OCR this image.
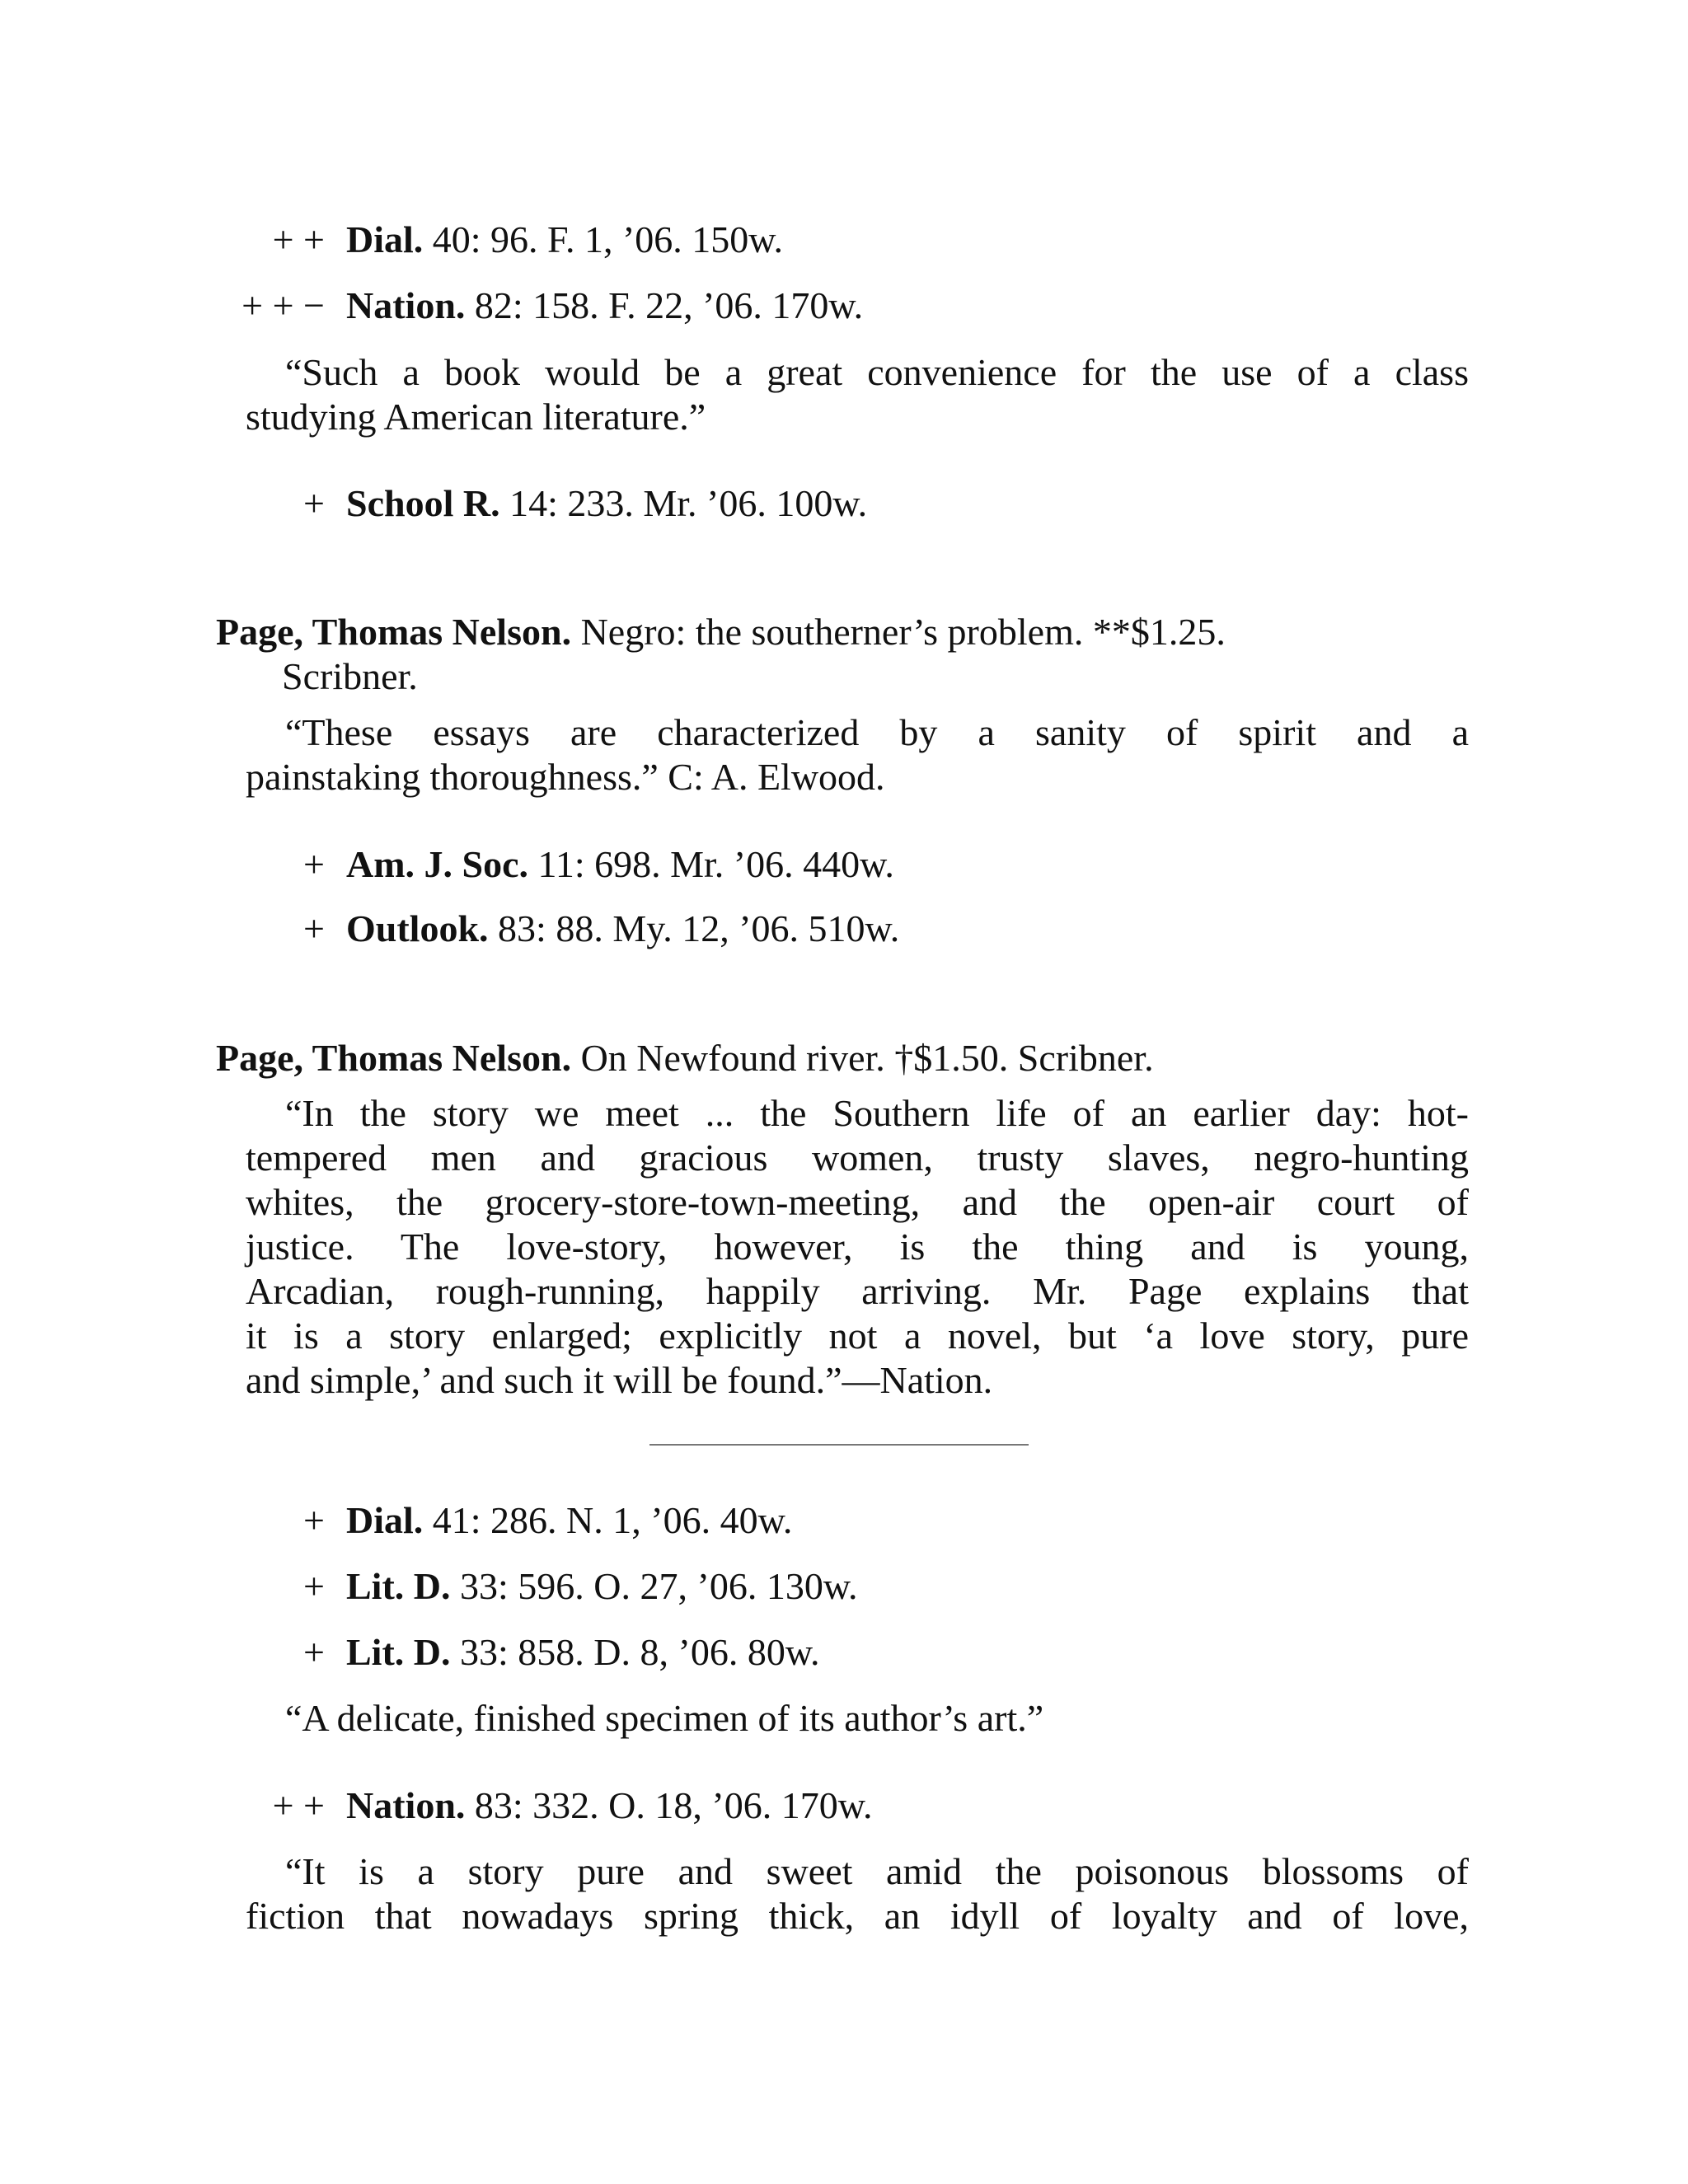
+ + Dial. 40: 96. F. 1, ’06. 150w.
+ + − Nation. 82: 158. F. 22, ’06. 170w.
“Such a book would be a great convenience for the use of a class
studying American literature.”
+ School R. 14: 233. Mr. ’06. 100w.
Page, Thomas Nelson. Negro: the southerner’s problem. **$1.25.
Scribner.
“These essays are characterized by a sanity of spirit and a
painstaking thoroughness.” C: A. Elwood.
+ Am. J. Soc. 11: 698. Mr. ’06. 440w.
+ Outlook. 83: 88. My. 12, ’06. 510w.
Page, Thomas Nelson. On Newfound river. †$1.50. Scribner.
“In the story we meet ... the Southern life of an earlier day: hot-
tempered men and gracious women, trusty slaves, negro-hunting
whites, the grocery-store-town-meeting, and the open-air court of
justice. The love-story, however, is the thing and is young,
Arcadian, rough-running, happily arriving. Mr. Page explains that
it is a story enlarged; explicitly not a novel, but ‘a love story, pure
and simple,’ and such it will be found.”—Nation.
+ Dial. 41: 286. N. 1, ’06. 40w.
+ Lit. D. 33: 596. O. 27, ’06. 130w.
+ Lit. D. 33: 858. D. 8, ’06. 80w.
“A delicate, finished specimen of its author’s art.”
+ + Nation. 83: 332. O. 18, ’06. 170w.
“It is a story pure and sweet amid the poisonous blossoms of
fiction that nowadays spring thick, an idyll of loyalty and of love,
